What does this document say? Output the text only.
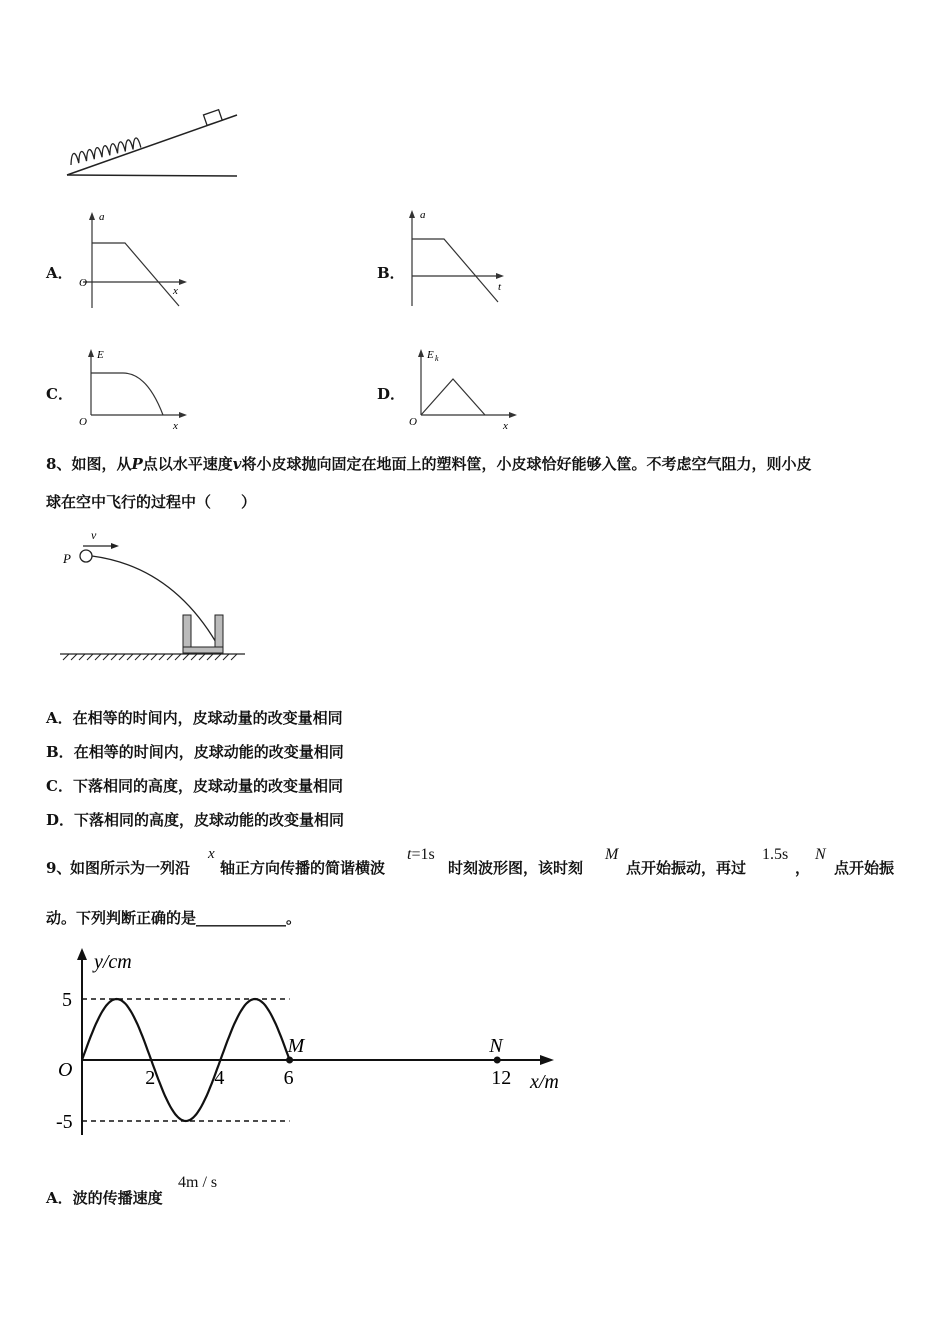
A．
a
O
x
B．
a
t
C．
E
O	x
D．
E k
O	x
8、如图，从P点以水平速度v将小皮球抛向固定在地面上的塑料筐，小皮球恰好能够入筐。不考虑空气阻力，则小皮
球在空中飞行的过程中（　　）
v
P
A．在相等的时间内，皮球动量的改变量相同
B．在相等的时间内，皮球动能的改变量相同
C．下落相同的高度，皮球动量的改变量相同
D．下落相同的高度，皮球动能的改变量相同
9、
如图所示为一列沿
x
轴正方向传播的简谐横波
t=1s
时刻波形图，该时刻
M
点开始振动，再过
1.5s
，
N
点开始振
动。下列判断正确的是____________。
y/cm
x/m
O	2	4	6	12
5
-5
M	N
A．波的传播速度
4m / s
